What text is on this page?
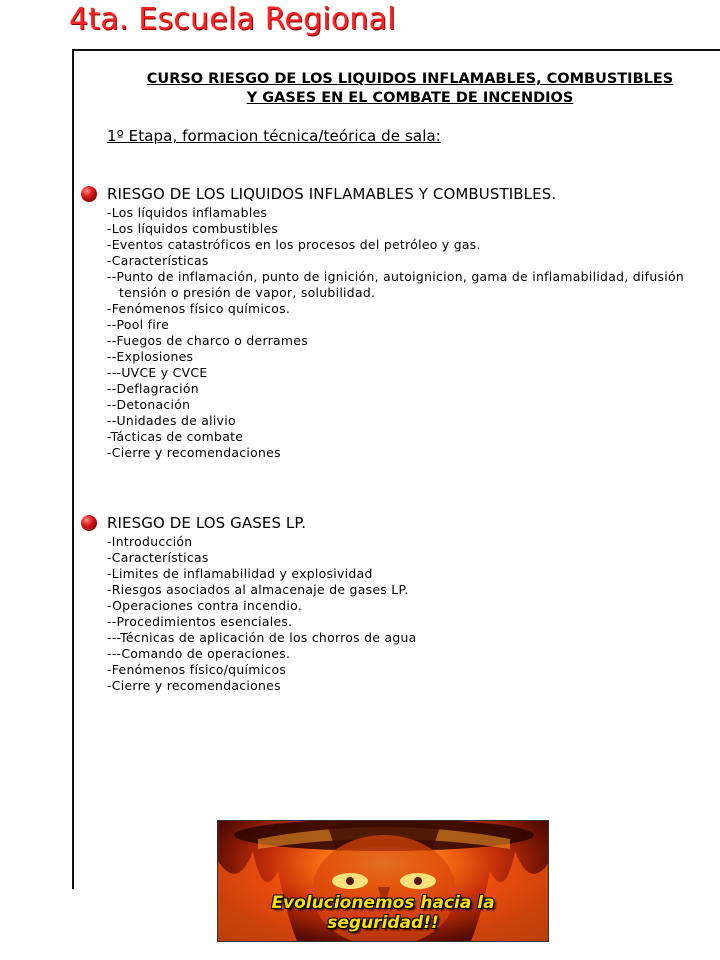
4ta. Escuela Regional
CURSO RIESGO DE LOS LIQUIDOS INFLAMABLES, COMBUSTIBLES
Y GASES EN EL COMBATE DE INCENDIOS
1º Etapa, formacion técnica/teórica de sala:
RIESGO DE LOS LIQUIDOS INFLAMABLES Y COMBUSTIBLES.
-Los líquidos inflamables
-Los líquidos combustibles
-Eventos catastróficos en los procesos del petróleo y gas.
-Características
--Punto de inflamación, punto de ignición, autoignicion, gama de inflamabilidad, difusión
tensión o presión de vapor, solubilidad.
-Fenómenos físico químicos.
--Pool fire
--Fuegos de charco o derrames
--Explosiones
---UVCE y CVCE
--Deflagración
--Detonación
--Unidades de alivio
-Tácticas de combate
-Cierre y recomendaciones
RIESGO DE LOS GASES LP.
-Introducción
-Características
-Limites de inflamabilidad y explosividad
-Riesgos asociados al almacenaje de gases LP.
-Operaciones contra incendio.
--Procedimientos esenciales.
---Técnicas de aplicación de los chorros de agua
---Comando de operaciones.
-Fenómenos físico/químicos
-Cierre y recomendaciones
Evolucionemos hacia la seguridad!!
